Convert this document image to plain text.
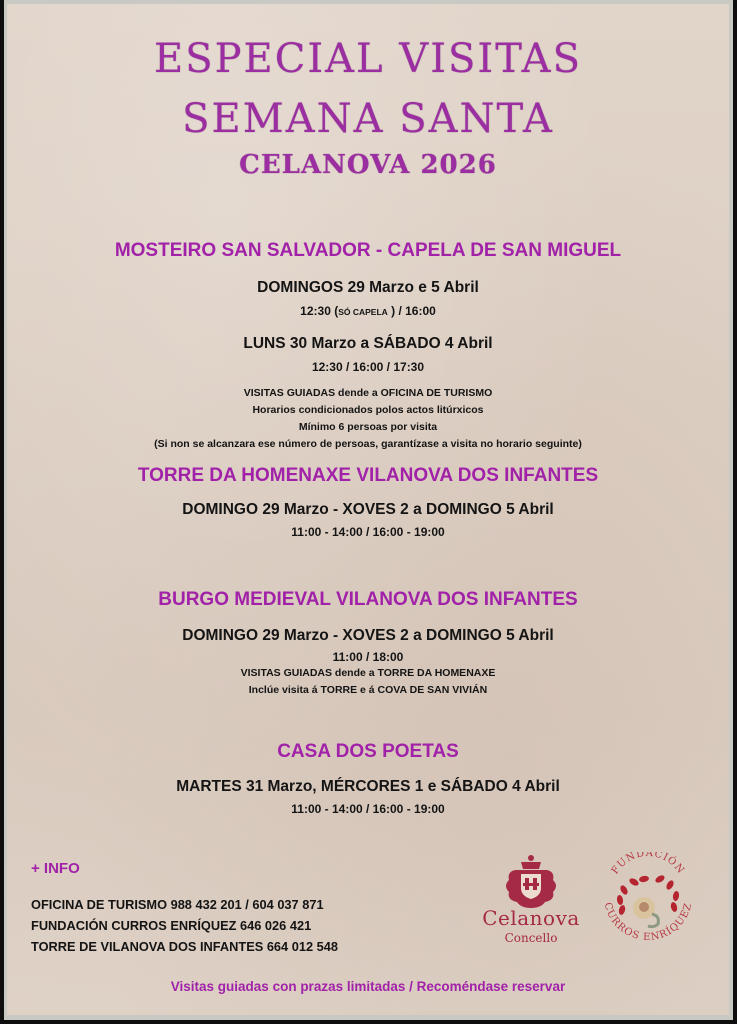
ESPECIAL VISITAS
SEMANA SANTA
CELANOVA 2026
MOSTEIRO SAN SALVADOR - CAPELA DE SAN MIGUEL
DOMINGOS 29 Marzo e 5 Abril
12:30 (SÓ CAPELA ) / 16:00
LUNS 30 Marzo a SÁBADO 4 Abril
12:30 / 16:00 / 17:30
VISITAS GUIADAS dende a OFICINA DE TURISMO
Horarios condicionados polos actos litúrxicos
Mínimo 6 persoas por visita
(Si non se alcanzara ese número de persoas, garantízase a visita no horario seguinte)
TORRE DA HOMENAXE VILANOVA DOS INFANTES
DOMINGO 29 Marzo - XOVES 2 a DOMINGO 5 Abril
11:00 - 14:00 / 16:00 - 19:00
BURGO MEDIEVAL VILANOVA DOS INFANTES
DOMINGO 29 Marzo - XOVES 2 a DOMINGO 5 Abril
11:00 / 18:00
VISITAS GUIADAS dende a TORRE DA HOMENAXE
Inclúe visita á TORRE e á COVA DE SAN VIVIÁN
CASA DOS POETAS
MARTES 31 Marzo, MÉRCORES 1 e SÁBADO 4 Abril
11:00 - 14:00 / 16:00 - 19:00
+ INFO
OFICINA DE TURISMO 988 432 201 / 604 037 871
FUNDACIÓN CURROS ENRÍQUEZ 646 026 421
TORRE DE VILANOVA DOS INFANTES 664 012 548
Celanova
Concello
FUNDACIÓN
CURROS ENRÍQUEZ
Visitas guiadas con prazas limitadas / Recoméndase reservar
